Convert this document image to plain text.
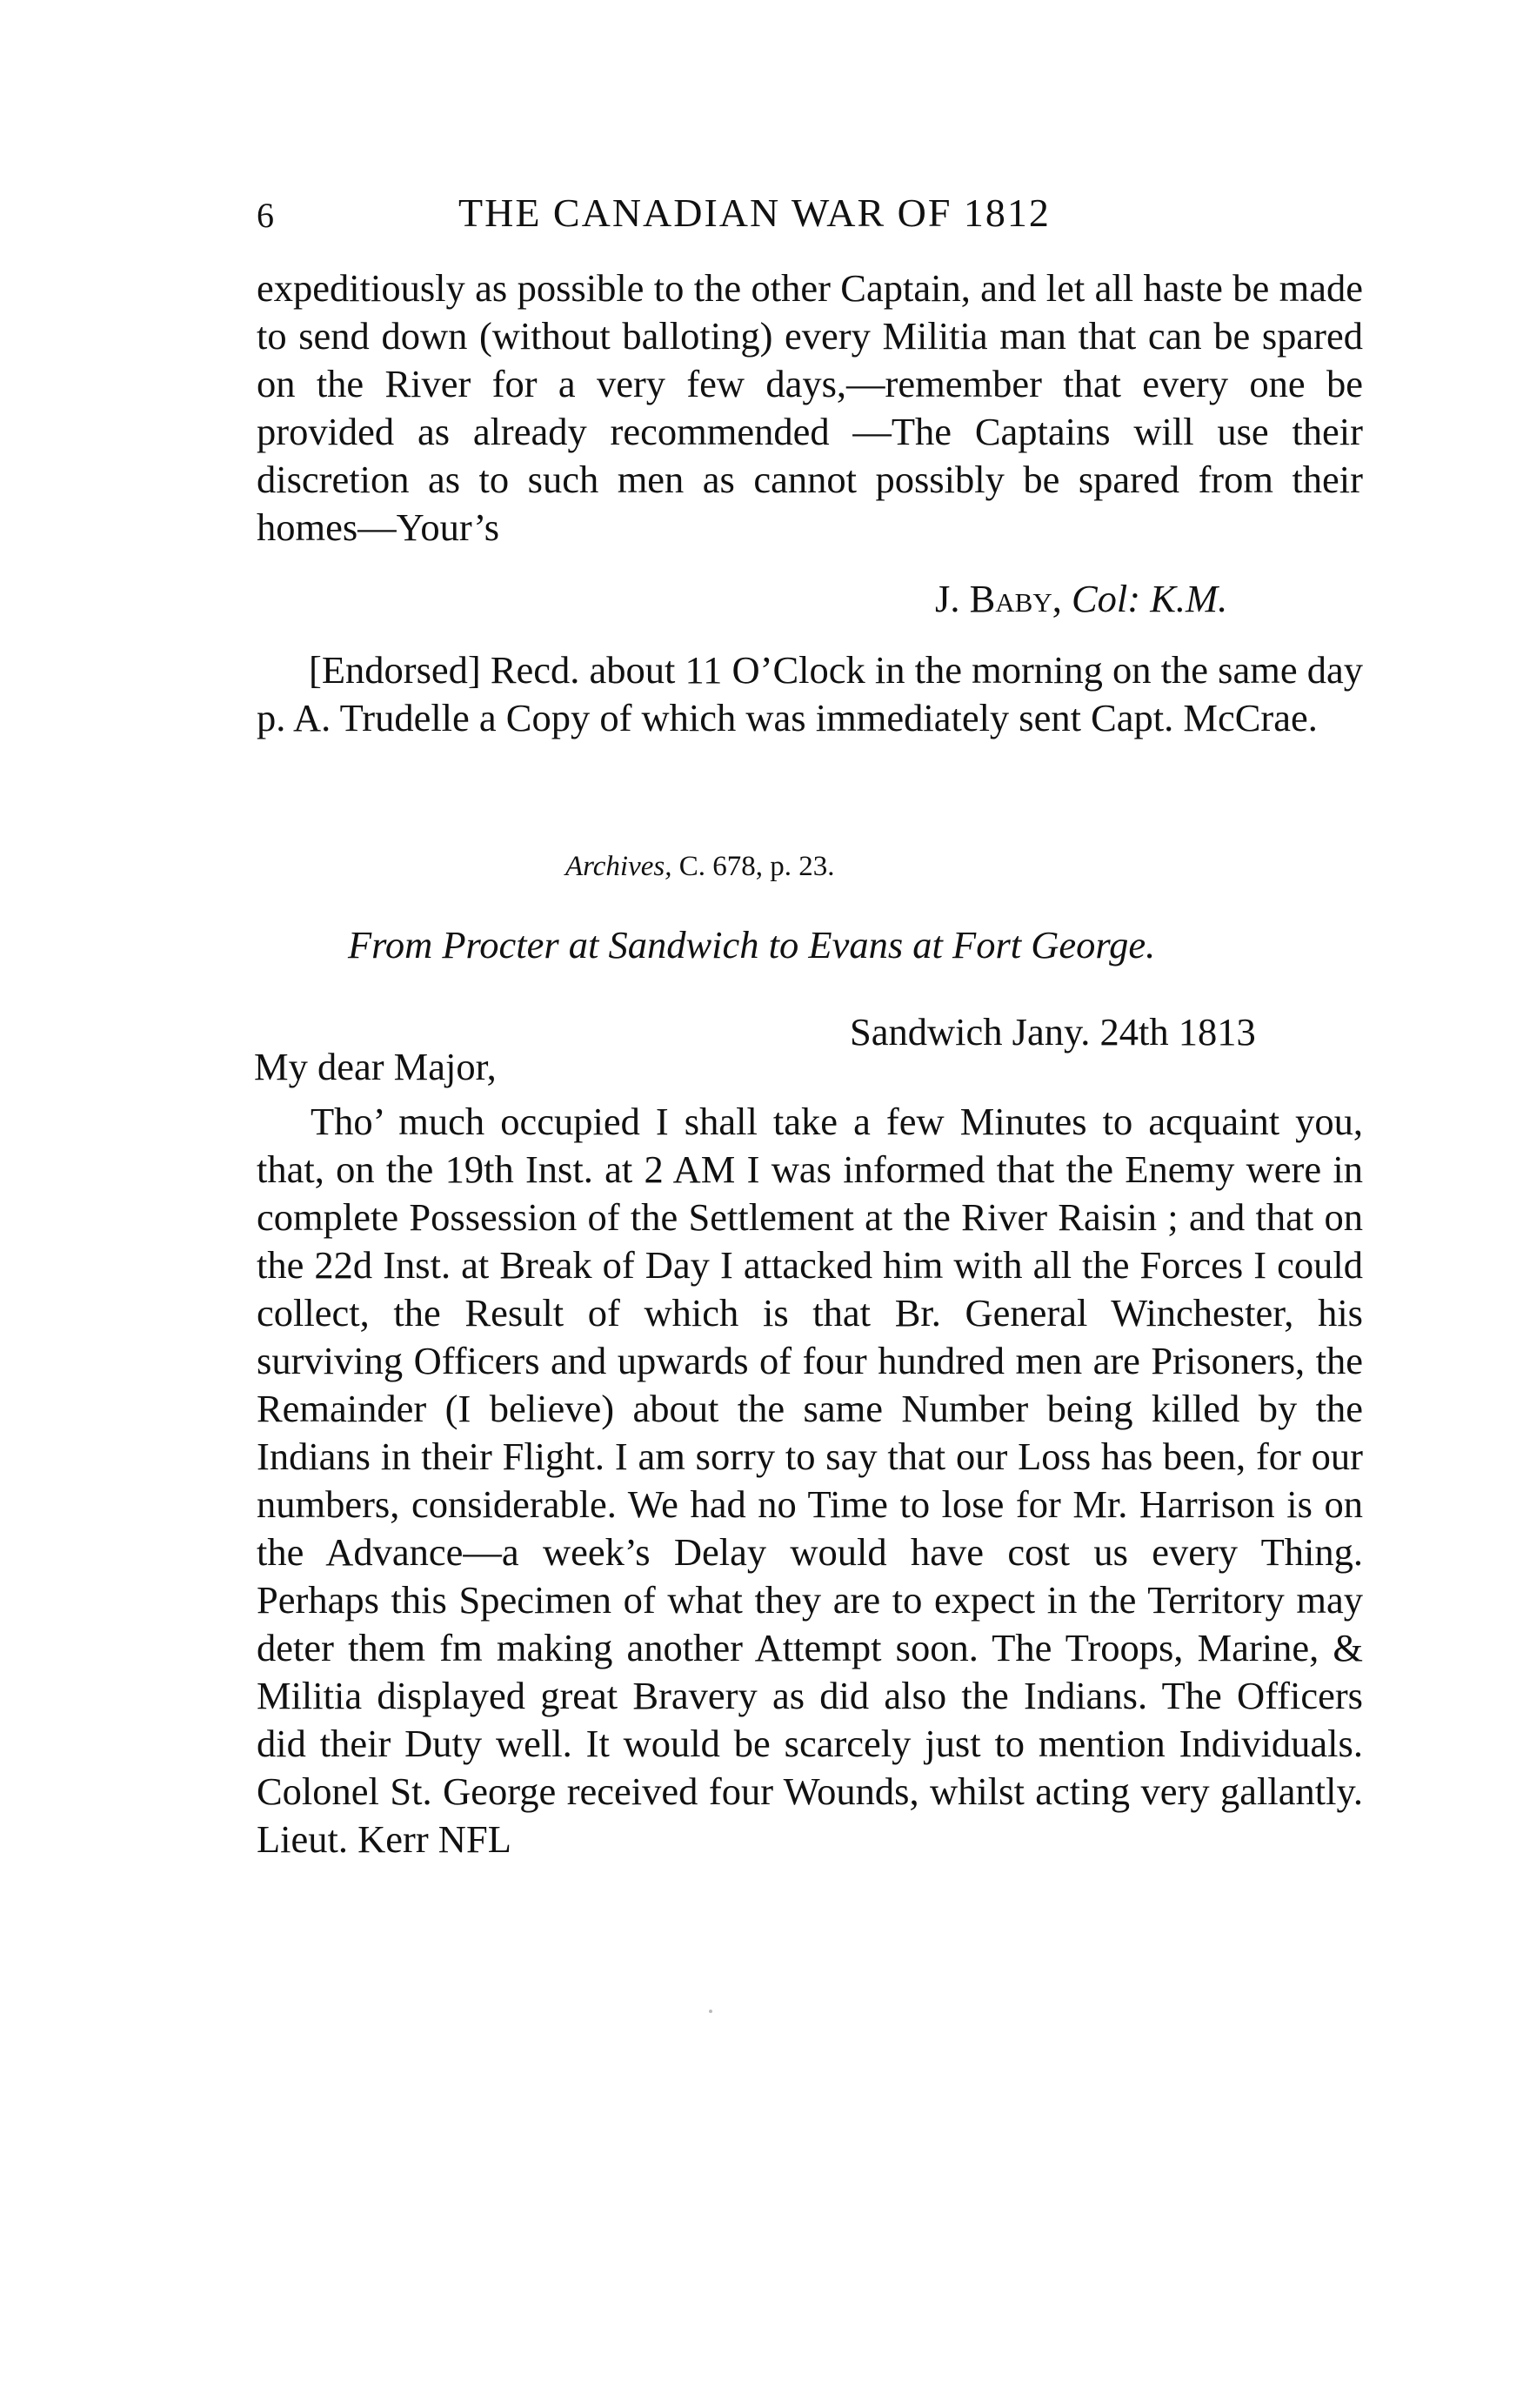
6	THE CANADIAN WAR OF 1812
expeditiously as possible to the other Captain, and let all haste be made to send down (without balloting) every Militia man that can be spared on the River for a very few days,—remember that every one be provided as already recommended —The Captains will use their discretion as to such men as cannot possibly be spared from their homes—Your’s
J. Baby, Col: K.M.
[Endorsed] Recd. about 11 O’Clock in the morning on the same day p. A. Trudelle a Copy of which was immediately sent Capt. McCrae.
Archives, C. 678, p. 23.
From Procter at Sandwich to Evans at Fort George.
Sandwich Jany. 24th 1813
My dear Major,
Tho’ much occupied I shall take a few Minutes to acquaint you, that, on the 19th Inst. at 2 AM I was informed that the Enemy were in complete Possession of the Settlement at the River Raisin ; and that on the 22d Inst. at Break of Day I attacked him with all the Forces I could collect, the Result of which is that Br. General Winchester, his surviving Officers and upwards of four hundred men are Prisoners, the Remainder (I believe) about the same Number being killed by the Indians in their Flight. I am sorry to say that our Loss has been, for our numbers, considerable. We had no Time to lose for Mr. Harrison is on the Advance—a week’s Delay would have cost us every Thing. Perhaps this Specimen of what they are to expect in the Territory may deter them fm making another Attempt soon. The Troops, Marine, & Militia displayed great Bravery as did also the Indians. The Officers did their Duty well. It would be scarcely just to mention Individuals. Colonel St. George received four Wounds, whilst acting very gallantly. Lieut. Kerr NFL
